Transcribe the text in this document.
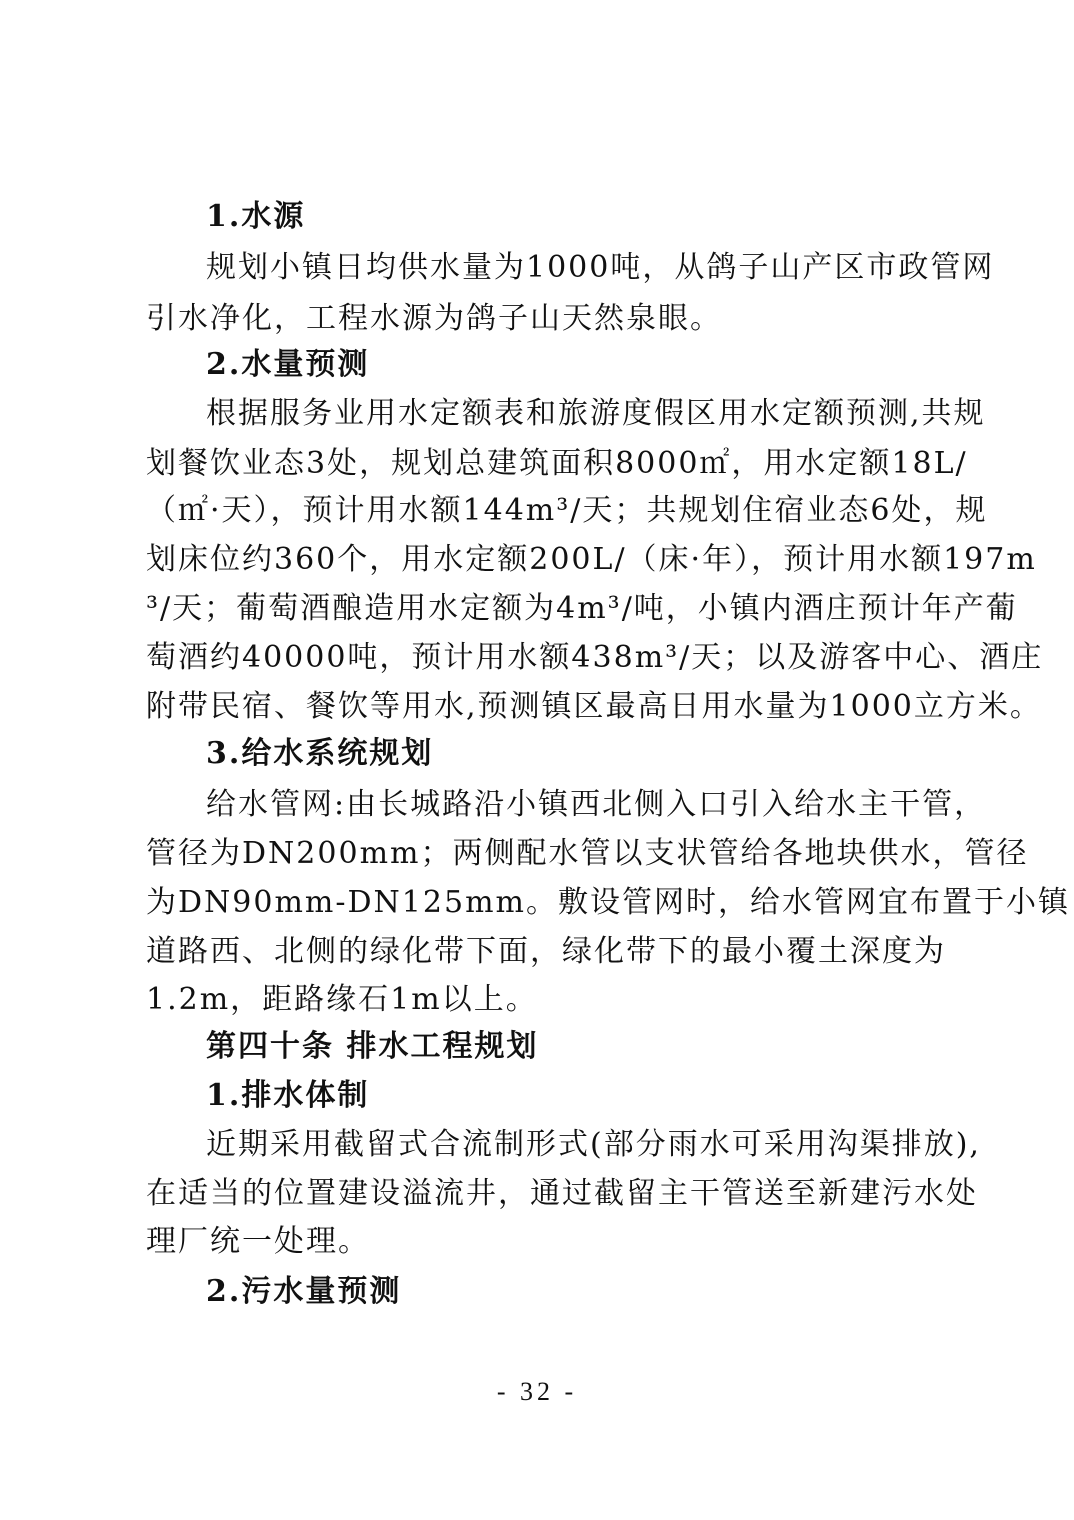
1.水源
规划小镇日均供水量为1000吨，从鸽子山产区市政管网
引水净化，工程水源为鸽子山天然泉眼。
2.水量预测
根据服务业用水定额表和旅游度假区用水定额预测,共规
划餐饮业态3处，规划总建筑面积8000㎡，用水定额18L/
（㎡·天），预计用水额144m³/天；共规划住宿业态6处，规
划床位约360个，用水定额200L/（床·年），预计用水额197m
³/天；葡萄酒酿造用水定额为4m³/吨，小镇内酒庄预计年产葡
萄酒约40000吨，预计用水额438m³/天；以及游客中心、酒庄
附带民宿、餐饮等用水,预测镇区最高日用水量为1000立方米。
3.给水系统规划
给水管网:由长城路沿小镇西北侧入口引入给水主干管，
管径为DN200mm；两侧配水管以支状管给各地块供水，管径
为DN90mm-DN125mm。敷设管网时，给水管网宜布置于小镇
道路西、北侧的绿化带下面，绿化带下的最小覆土深度为
1.2m，距路缘石1m以上。
第四十条 排水工程规划
1.排水体制
近期采用截留式合流制形式(部分雨水可采用沟渠排放),
在适当的位置建设溢流井，通过截留主干管送至新建污水处
理厂统一处理。
2.污水量预测
- 32 -
